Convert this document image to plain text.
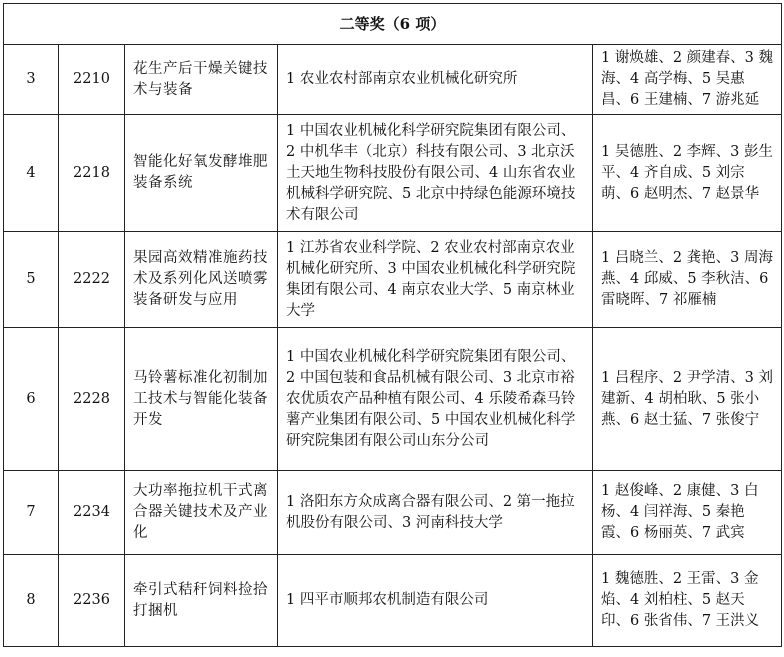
二等奖（6 项）				
3	2210	花生产后干燥关键技术与装备	1 农业农村部南京农业机械化研究所	1 谢焕雄、2 颜建春、3 魏海、4 高学梅、5 吴惠昌、6 王建楠、7 游兆延
4	2218	智能化好氧发酵堆肥装备系统	1 中国农业机械化科学研究院集团有限公司、2 中机华丰（北京）科技有限公司、3 北京沃土天地生物科技股份有限公司、4 山东省农业机械科学研究院、5 北京中持绿色能源环境技术有限公司	1 吴德胜、2 李辉、3 彭生平、4 齐自成、5 刘宗萌、6 赵明杰、7 赵景华
5	2222	果园高效精准施药技术及系列化风送喷雾装备研发与应用	1 江苏省农业科学院、2 农业农村部南京农业机械化研究所、3 中国农业机械化科学研究院集团有限公司、4 南京农业大学、5 南京林业大学	1 吕晓兰、2 龚艳、3 周海燕、4 邱威、5 李秋洁、6 雷晓晖、7 祁雁楠
6	2228	马铃薯标准化初制加工技术与智能化装备开发	1 中国农业机械化科学研究院集团有限公司、2 中国包装和食品机械有限公司、3 北京市裕农优质农产品种植有限公司、4 乐陵希森马铃薯产业集团有限公司、5 中国农业机械化科学研究院集团有限公司山东分公司	1 吕程序、2 尹学清、3 刘建新、4 胡柏耿、5 张小燕、6 赵士猛、7 张俊宁
7	2234	大功率拖拉机干式离合器关键技术及产业化	1 洛阳东方众成离合器有限公司、2 第一拖拉机股份有限公司、3 河南科技大学	1 赵俊峰、2 康健、3 白杨、4 闫祥海、5 秦艳霞、6 杨丽英、7 武宾
8	2236	牵引式秸秆饲料捡拾打捆机	1 四平市顺邦农机制造有限公司	1 魏德胜、2 王雷、3 金焰、4 刘柏柱、5 赵天印、6 张省伟、7 王洪义
